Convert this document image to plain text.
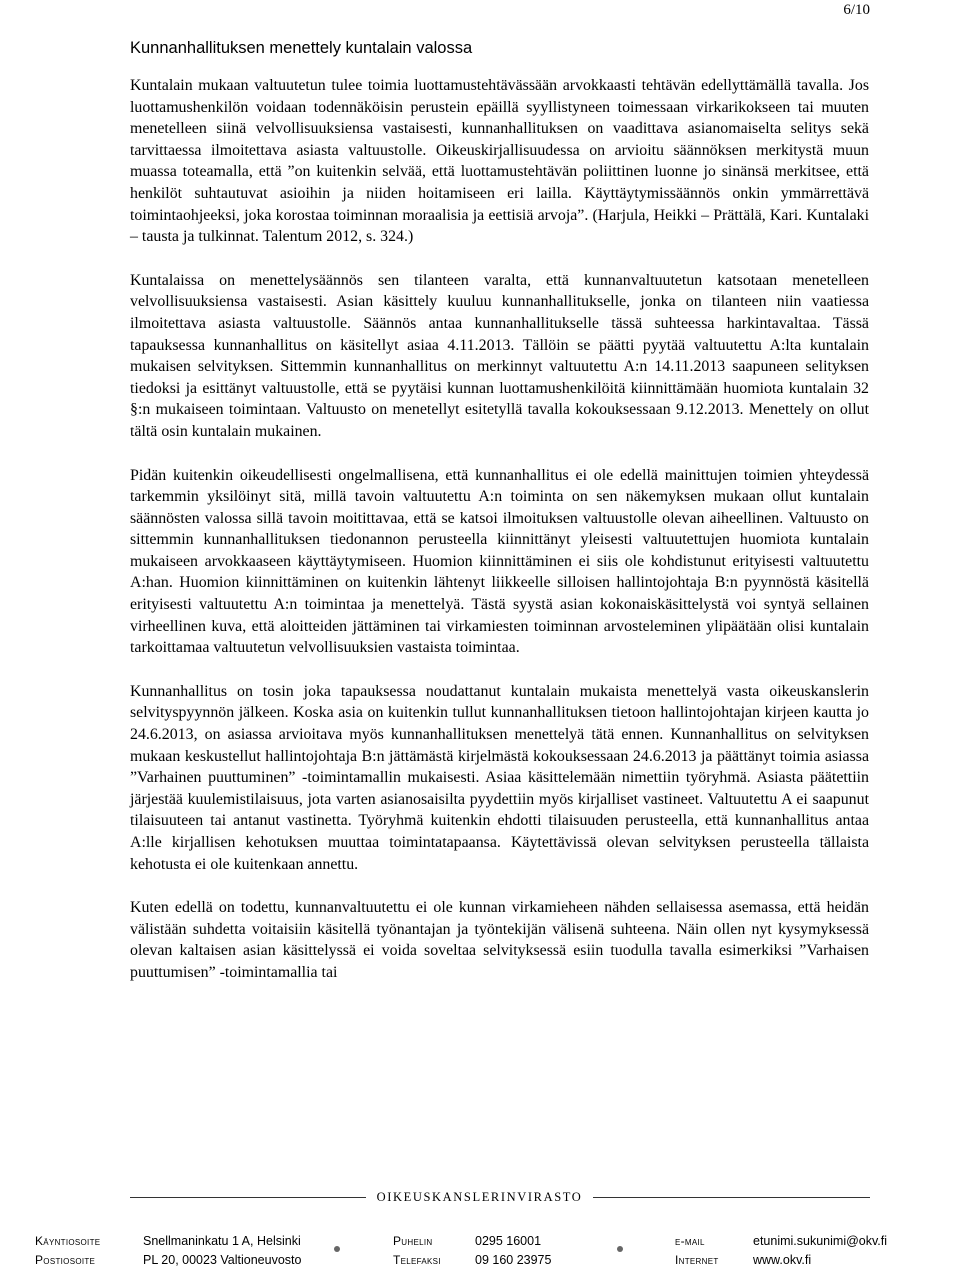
6/10
Kunnanhallituksen menettely kuntalain valossa

Kuntalain mukaan valtuutetun tulee toimia luottamustehtävässään arvokkaasti tehtävän edellyttämällä tavalla. Jos luottamushenkilön voidaan todennäköisin perustein epäillä syyllistyneen toimessaan virkarikokseen tai muuten menetelleen siinä velvollisuuksiensa vastaisesti, kunnanhallituksen on vaadittava asianomaiselta selitys sekä tarvittaessa ilmoitettava asiasta valtuustolle. Oikeuskirjallisuudessa on arvioitu säännöksen merkitystä muun muassa toteamalla, että ”on kuitenkin selvää, että luottamustehtävän poliittinen luonne jo sinänsä merkitsee, että henkilöt suhtautuvat asioihin ja niiden hoitamiseen eri lailla. Käyttäytymissäännös onkin ymmärrettävä toimintaohjeeksi, joka korostaa toiminnan moraalisia ja eettisiä arvoja”. (Harjula, Heikki – Prättälä, Kari. Kuntalaki – tausta ja tulkinnat. Talentum 2012, s. 324.)

Kuntalaissa on menettelysäännös sen tilanteen varalta, että kunnanvaltuutetun katsotaan menetelleen velvollisuuksiensa vastaisesti. Asian käsittely kuuluu kunnanhallitukselle, jonka on tilanteen niin vaatiessa ilmoitettava asiasta valtuustolle. Säännös antaa kunnanhallitukselle tässä suhteessa harkintavaltaa. Tässä tapauksessa kunnanhallitus on käsitellyt asiaa 4.11.2013. Tällöin se päätti pyytää valtuutettu A:lta kuntalain mukaisen selvityksen. Sittemmin kunnanhallitus on merkinnyt valtuutettu A:n 14.11.2013 saapuneen selityksen tiedoksi ja esittänyt valtuustolle, että se pyytäisi kunnan luottamushenkilöitä kiinnittämään huomiota kuntalain 32 §:n mukaiseen toimintaan. Valtuusto on menetellyt esitetyllä tavalla kokouksessaan 9.12.2013. Menettely on ollut tältä osin kuntalain mukainen.

Pidän kuitenkin oikeudellisesti ongelmallisena, että kunnanhallitus ei ole edellä mainittujen toimien yhteydessä tarkemmin yksilöinyt sitä, millä tavoin valtuutettu A:n toiminta on sen näkemyksen mukaan ollut kuntalain säännösten valossa sillä tavoin moitittavaa, että se katsoi ilmoituksen valtuustolle olevan aiheellinen. Valtuusto on sittemmin kunnanhallituksen tiedonannon perusteella kiinnittänyt yleisesti valtuutettujen huomiota kuntalain mukaiseen arvokkaaseen käyttäytymiseen. Huomion kiinnittäminen ei siis ole kohdistunut erityisesti valtuutettu A:han. Huomion kiinnittäminen on kuitenkin lähtenyt liikkeelle silloisen hallintojohtaja B:n pyynnöstä käsitellä erityisesti valtuutettu A:n toimintaa ja menettelyä. Tästä syystä asian kokonaiskäsittelystä voi syntyä sellainen virheellinen kuva, että aloitteiden jättäminen tai virkamiesten toiminnan arvosteleminen ylipäätään olisi kuntalain tarkoittamaa valtuutetun velvollisuuksien vastaista toimintaa.

Kunnanhallitus on tosin joka tapauksessa noudattanut kuntalain mukaista menettelyä vasta oikeuskanslerin selvityspyynnön jälkeen. Koska asia on kuitenkin tullut kunnanhallituksen tietoon hallintojohtajan kirjeen kautta jo 24.6.2013, on asiassa arvioitava myös kunnanhallituksen menettelyä tätä ennen. Kunnanhallitus on selvityksen mukaan keskustellut hallintojohtaja B:n jättämästä kirjelmästä kokouksessaan 24.6.2013 ja päättänyt toimia asiassa ”Varhainen puuttuminen” -toimintamallin mukaisesti. Asiaa käsittelemään nimettiin työryhmä. Asiasta päätettiin järjestää kuulemistilaisuus, jota varten asianosaisilta pyydettiin myös kirjalliset vastineet. Valtuutettu A ei saapunut tilaisuuteen tai antanut vastinetta. Työryhmä kuitenkin ehdotti tilaisuuden perusteella, että kunnanhallitus antaa A:lle kirjallisen kehotuksen muuttaa toimintatapaansa. Käytettävissä olevan selvityksen perusteella tällaista kehotusta ei ole kuitenkaan annettu.

Kuten edellä on todettu, kunnanvaltuutettu ei ole kunnan virkamieheen nähden sellaisessa asemassa, että heidän välistään suhdetta voitaisiin käsitellä työnantajan ja työntekijän välisenä suhteena. Näin ollen nyt kysymyksessä olevan kaltaisen asian käsittelyssä ei voida soveltaa selvityksessä esiin tuodulla tavalla esimerkiksi ”Varhaisen puuttumisen” -toimintamallia tai

OIKEUSKANSLERINVIRASTO
Käyntiosoite	Snellmaninkatu 1 A, Helsinki	Puhelin	0295 16001	e-mail	etunimi.sukunimi@okv.fi
Postiosoite	PL 20, 00023 Valtioneuvosto	Telefaksi	09 160 23975	Internet	www.okv.fi
